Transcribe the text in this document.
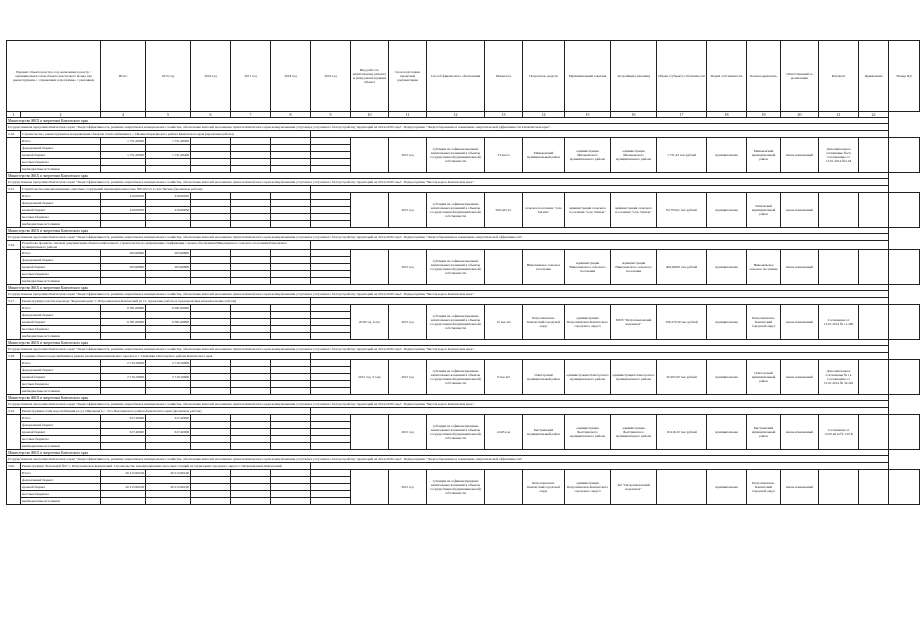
Предмет объекта реестра, год, включение в реестр / муниципального или объекта реестрового фонда для реконструкции, с отражением в программе, с указанием		Итого	2015 год	2016 год	2017 год	2018 год	2019 год	Вид работ по капитальному ремонту и (или) реконструкции объекта	Срок подготовки проектной документации	Способ финансового обеспечения	Мощность	Получатель средств	Муниципальный заказчик	Застройщик (заказчик)	Объект (субъект) собственности	Форма собственности	Балансодержатель	Ответственный за реализацию	Результат	Примечание	Номер ПД
1	2	4	5	6	7	8	9	10	11	12	13	14	15	16	17	18	19	20	21	22	
Министерство ЖКХ и энергетики Камчатского края																					
Государственная программа Камчатского края "Энергоэффективность, развитие энергетики и коммунального хозяйства, обеспечение жителей населенных пунктов Камчатского края коммунальными услугами и услугами по благоустройству территорий на 2014-2018 годы". Подпрограмма "Энергосбережение и повышение энергетической эффективности в Камчатском крае".																					
2.16.	Строительство, реконструкция и модернизация объектов теплоснабжения в с. Ивашка Карагинского района Камчатского края (проектные работы)																				
	Итого	1 731,28400	1 731,28400						2015 год	субсидии на софинансирование капитальных вложений в объекты государственной (муниципальной) собственности	3 Гкал/ч	Мильковский муниципальный район	администрация Мильковского муниципального района	администрация Мильковского муниципального района	1 731,43 тыс.рублей	муниципальная	Мильковский муниципальный район	вновь начинаемый	Дополнительное соглашение №2 к Соглашению от 13.01.2014 №5-М		
	федеральный бюджет																				
	краевой бюджет	1 731,28400	1 731,28400																		
	местные бюджеты																				
	внебюджетные источники																				
Министерство ЖКХ и энергетики Камчатского края																					
Государственная программа Камчатского края "Энергоэффективность, развитие энергетики и коммунального хозяйства, обеспечение жителей населенных пунктов Камчатского края коммунальными услугами и услугами по благоустройству территорий на 2014-2018 годы". Подпрограмма "Чистая вода в Камчатском крае".																					
3.15.	Строительство канализационных очистных сооружений производительностью 500 м3/сут в селе Тигиль (проектные работы)																				
	Итого	210,00050	210,00050						2015 год	субсидии на софинансирование капитальных вложений в объекты государственной (муниципальной) собственности	500 м3/сут.	сельское поселение "село Тигиль"	администрация сельского поселения "село Тигиль"	администрация сельского поселения "село Тигиль"	84 793,61 тыс.рублей	муниципальная	Тигильский муниципальный район	вновь начинаемый			
	федеральный бюджет																				
	краевой бюджет	210,00050	210,00050																		
	местные бюджеты																				
	внебюджетные источники																				
Министерство ЖКХ и энергетики Камчатского края																					
Государственная программа Камчатского края "Энергоэффективность, развитие энергетики и коммунального хозяйства, обеспечение жителей населенных пунктов Камчатского края коммунальными услугами и услугами по благоустройству территорий на 2014-2018 годы". Подпрограмма "Энергосбережение и повышение энергетической эффективности".																					
3.16.	Разработка проектно-сметной документации объекта капитального строительства по направлению газификации с целью обеспечения Николаевского сельского поселения Елизовского муниципального района																				
	Итого	205,96800	205,96800						2015 год	субсидии на софинансирование капитальных вложений в объекты государственной (муниципальной) собственности		Николаевское сельское поселение	Администрация Николаевского сельского поселения	Администрация Николаевского сельского поселения	408,26925 тыс.рублей	муниципальная	Николаевское сельское поселение	вновь начинаемый			
	федеральный бюджет																				
	краевой бюджет	205,96800	205,96800																		
	местные бюджеты																				
	внебюджетные источники																				
Министерство ЖКХ и энергетики Камчатского края																					
Государственная программа Камчатского края "Энергоэффективность, развитие энергетики и коммунального хозяйства, обеспечение жителей населенных пунктов Камчатского края коммунальными услугами и услугами по благоустройству территорий на 2014-2018 годы". Подпрограмма "Чистая вода в Камчатском крае".																					
3.17.	Реконструкция участка водовода "Березовая река" г. Петропавловск-Камчатский (в т.ч. проектные работы и предпроектные изыскательские работы)																				
	Итого	6 581,69900	6 581,69900					2018 год, 9 лет	2015 год	субсидии на софинансирование капитальных вложений в объекты государственной (муниципальной) собственности	15 тыс.м3	Петропавловск-Камчатский городской округ	администрация Петропавловск-Камчатского городского округа	МУП "Петропавловский водоканал"	346 270,30 тыс.рублей	муниципальная	Петропавловск-Камчатский городской округ	вновь начинаемый	Соглашение от 13.01.2014 № 11-ПК		
	федеральный бюджет																				
	краевой бюджет	6 581,69900	6 581,69900																		
	местные бюджеты																				
	внебюджетные источники																				
Министерство ЖКХ и энергетики Камчатского края																					
Государственная программа Камчатского края "Энергоэффективность, развитие энергетики и коммунального хозяйства, обеспечение жителей населенных пунктов Камчатского края коммунальными услугами и услугами по благоустройству территорий на 2014-2018 годы". Подпрограмма "Чистая вода в Камчатском крае".																					
3.18.	Создание объекта водоснабжения в рамках реализации комплексного проекта в с. Тиличики Олюторского района Камчатского края																				
	Итого	2 719,16000	2 719,16000					2015 год, 3 года	2015 год	субсидии на софинансирование капитальных вложений в объекты государственной (муниципальной) собственности	9 тыс.м3	Олюторский муниципальный район	администрация Олюторского муниципального района	администрация Олюторского муниципального района	30 403,50 тыс.рублей	муниципальная	Олюторский муниципальный район	вновь начинаемый	Дополнительное Соглашение №1 к Соглашению от 13.01.2014 № 32-ОЛ		
	федеральный бюджет																				
	краевой бюджет	2 719,16000	2 719,16000																		
	местные бюджеты																				
	внебюджетные источники																				
Министерство ЖКХ и энергетики Камчатского края																					
Государственная программа Камчатского края "Энергоэффективность, развитие энергетики и коммунального хозяйства, обеспечение жителей населенных пунктов Камчатского края коммунальными услугами и услугами по благоустройству территорий на 2014-2018 годы". Подпрограмма "Чистая вода в Камчатском крае".																					
3.19.	Реконструкция сетей водоснабжения по ул. Школьная в с. Эссо Быстринского района Камчатского края (проектные работы)																				
	Итого	617,40000	617,40000						2015 год	субсидии на софинансирование капитальных вложений в объекты государственной (муниципальной) собственности	4 643 п.м	Быстринский муниципальный район	администрация Быстринского муниципального района	администрация Быстринского муниципального района	16 416,32 тыс.рублей	муниципальная	Быстринский муниципальный район	вновь начинаемый	Соглашение от 13.05.2014 № 132-Б		
	федеральный бюджет																				
	краевой бюджет	617,40000	617,40000																		
	местные бюджеты																				
	внебюджетные источники																				
Министерство ЖКХ и энергетики Камчатского края																					
Государственная программа Камчатского края "Энергоэффективность, развитие энергетики и коммунального хозяйства, обеспечение жителей населенных пунктов Камчатского края коммунальными услугами и услугами по благоустройству территорий на 2014-2018 годы". Подпрограмма "Энергосбережение и повышение энергетической эффективности".																					
3.20.	Реконструкция "Котельной №5" г. Петропавловск-Камчатский. Строительство канализационных насосных станций на территории городского округа г. Петропавловск-Камчатский																				
	Итого	20 215,90100	20 215,90100						2015 год	субсидии на софинансирование капитальных вложений в объекты государственной (муниципальной) собственности		Петропавловск-Камчатский городской округ	администрация Петропавловск-Камчатского городского округа	АО "Петропавловский водоканал"		муниципальная	Петропавловск-Камчатский городской округ	вновь начинаемый			
	федеральный бюджет																				
	краевой бюджет	20 215,90100	20 215,90100																		
	местные бюджеты																				
	внебюджетные источники																				
